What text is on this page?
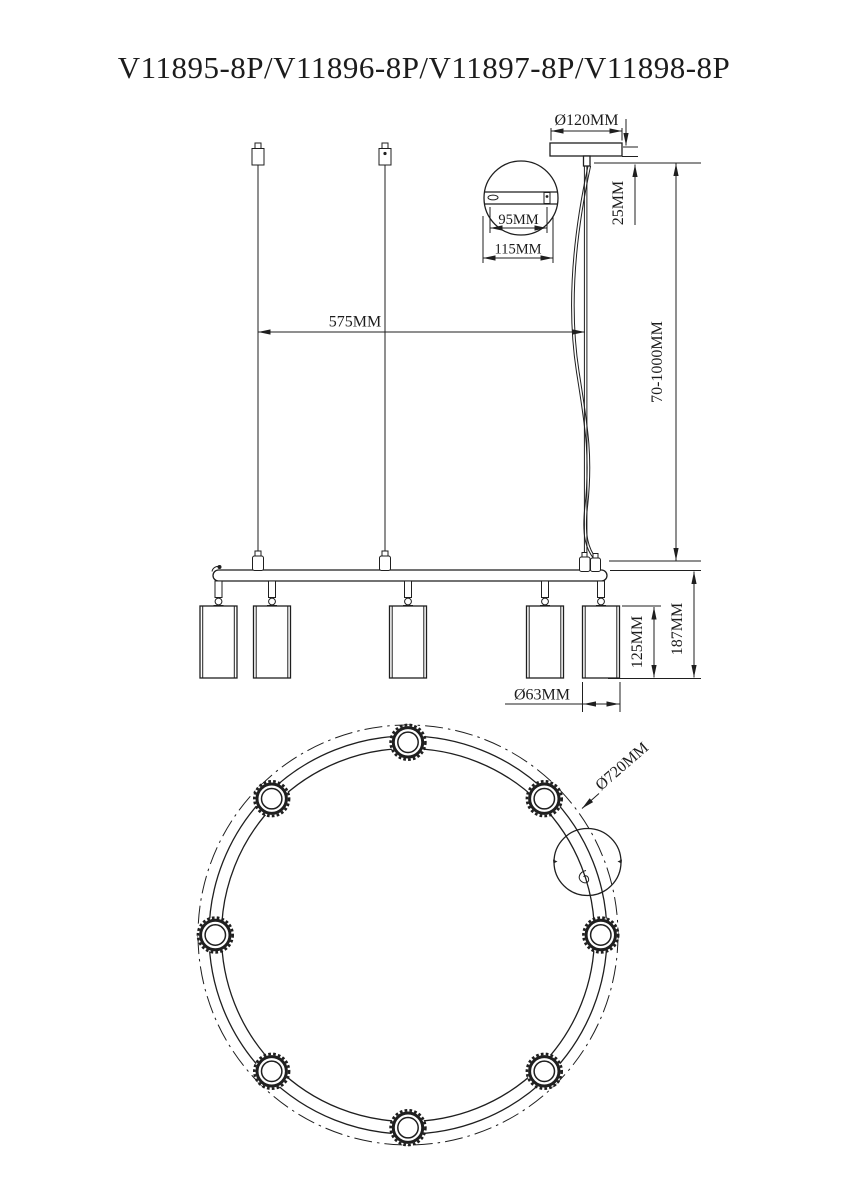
V11895-8P/V11896-8P/V11897-8P/V11898-8P
Ø120MM
25MM
95MM
115MM
575MM	70-1000MM
125MM 187MM
Ø63MM
Ø720MM
